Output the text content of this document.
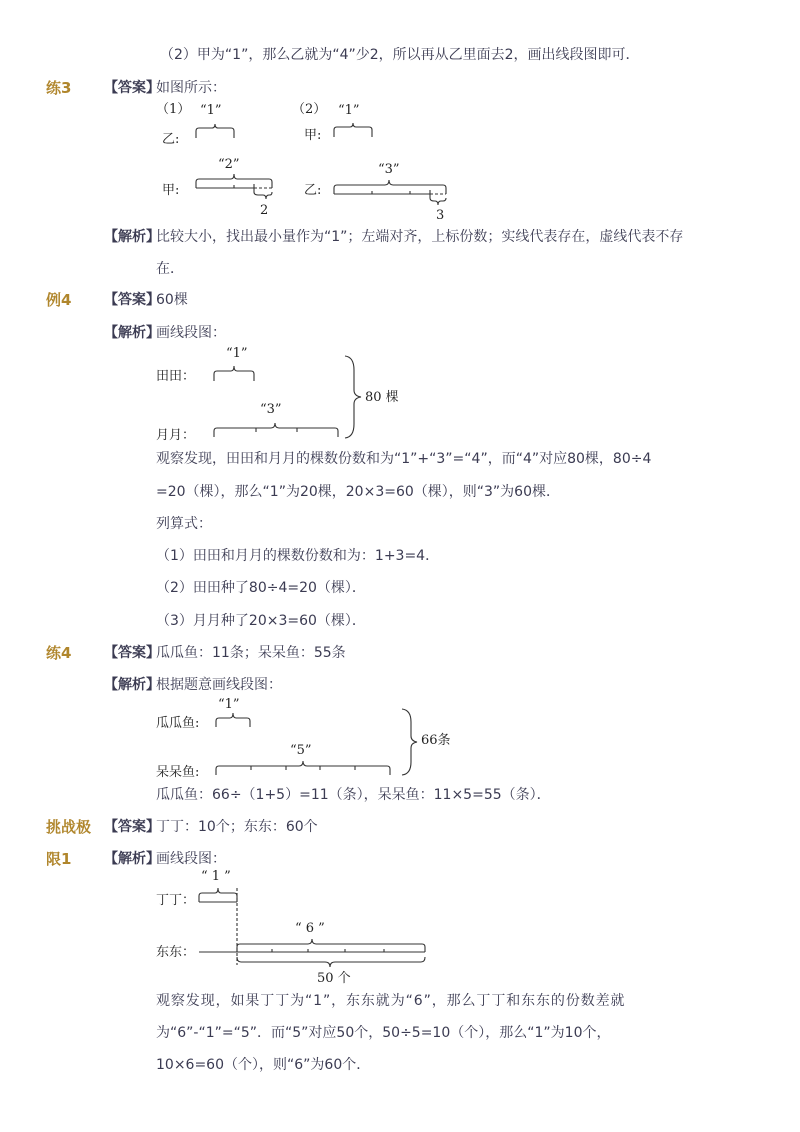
（2）甲为“1”，那么乙就为“4”少2，所以再从乙里面去2，画出线段图即可．
练3 【答案】
如图所示：
（1） “1”
乙:
“2”
甲:
2
（2） “1”
甲:
“3”
乙:
3
【解析】
比较大小，找出最小量作为“1”；左端对齐，上标份数；实线代表存在，虚线代表不存
在．
例4 【答案】
60棵
【解析】
画线段图：
田田：
“1”
月月：
“3”
80 棵
观察发现，田田和月月的棵数份数和为“1”+“3”=“4”，而“4”对应80棵，80÷4
=20（棵），那么“1”为20棵，20×3=60（棵），则“3”为60棵．
列算式：
（1）田田和月月的棵数份数和为：1+3=4．
（2）田田种了80÷4=20（棵）．
（3）月月种了20×3=60（棵）．
练4 【答案】
瓜瓜鱼：11条；呆呆鱼：55条
【解析】
根据题意画线段图：
瓜瓜鱼:
“1”
呆呆鱼:
“5”
66条
瓜瓜鱼：66÷（1+5）=11（条），呆呆鱼：11×5=55（条）．
挑战极
限1
【答案】
丁丁：10个；东东：60个
【解析】
画线段图：
丁丁：
“ 1 ”
东东：
“ 6 ”
50 个
观察发现，如果丁丁为“1”，东东就为“6”，那么丁丁和东东的份数差就
为“6”-“1”=“5”．而“5”对应50个，50÷5=10（个），那么“1”为10个，
10×6=60（个），则“6”为60个．
